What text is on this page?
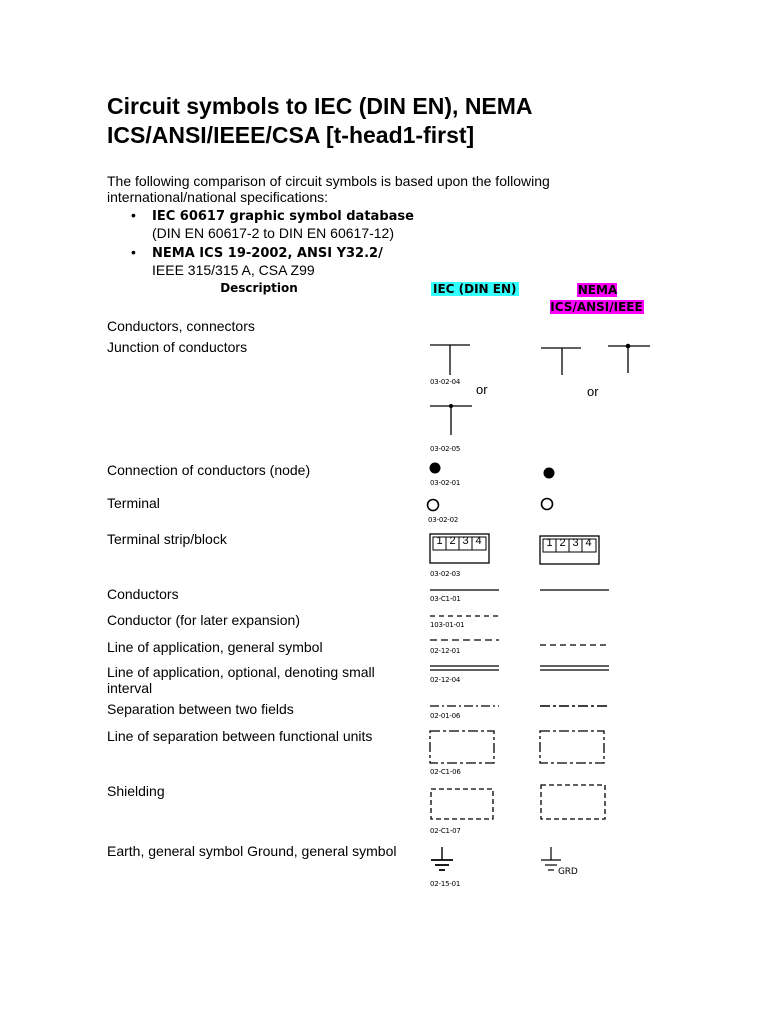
Circuit symbols to IEC (DIN EN), NEMA ICS/ANSI/IEEE/CSA [t-head1-first]

The following comparison of circuit symbols is based upon the following international/national specifications:

• IEC 60617 graphic symbol database
(DIN EN 60617-2 to DIN EN 60617-12)
• NEMA ICS 19-2002, ANSI Y32.2/
IEEE 315/315 A, CSA Z99
Description	IEC (DIN EN)	NEMA ICS/ANSI/IEEE
Conductors, connectors
Junction of conductors
Connection of conductors (node)
Terminal
Terminal strip/block
Conductors
Conductor (for later expansion)
Line of application, general symbol
Line of application, optional, denoting small interval
Separation between two fields
Line of separation between functional units
Shielding
Earth, general symbol Ground, general symbol
03-02-04 or
03-02-05
or
03-02-01
03-02-02
1 2 3 4
03-02-03
1 2 3 4
03-C1-01
103-01-01
02-12-01
02-12-04
02-01-06
02-C1-06
02-C1-07
02-15-01
GRD
